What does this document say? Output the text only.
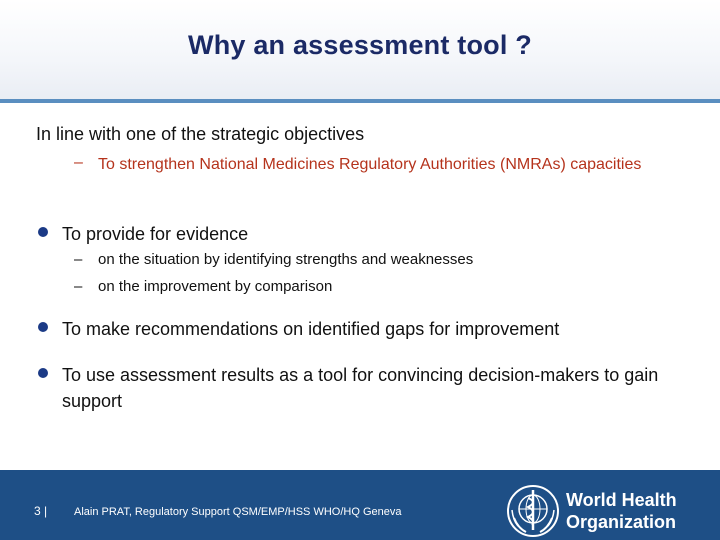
Why an assessment tool ?
In line with one of the strategic objectives
– To strengthen National Medicines Regulatory Authorities (NMRAs) capacities
To provide for evidence
– on the situation by identifying strengths and weaknesses
– on the improvement by comparison
To make recommendations on identified gaps for improvement
To use assessment results as a tool for convincing decision-makers to gain support
3 | Alain PRAT, Regulatory Support QSM/EMP/HSS WHO/HQ Geneva
World Health
Organization
